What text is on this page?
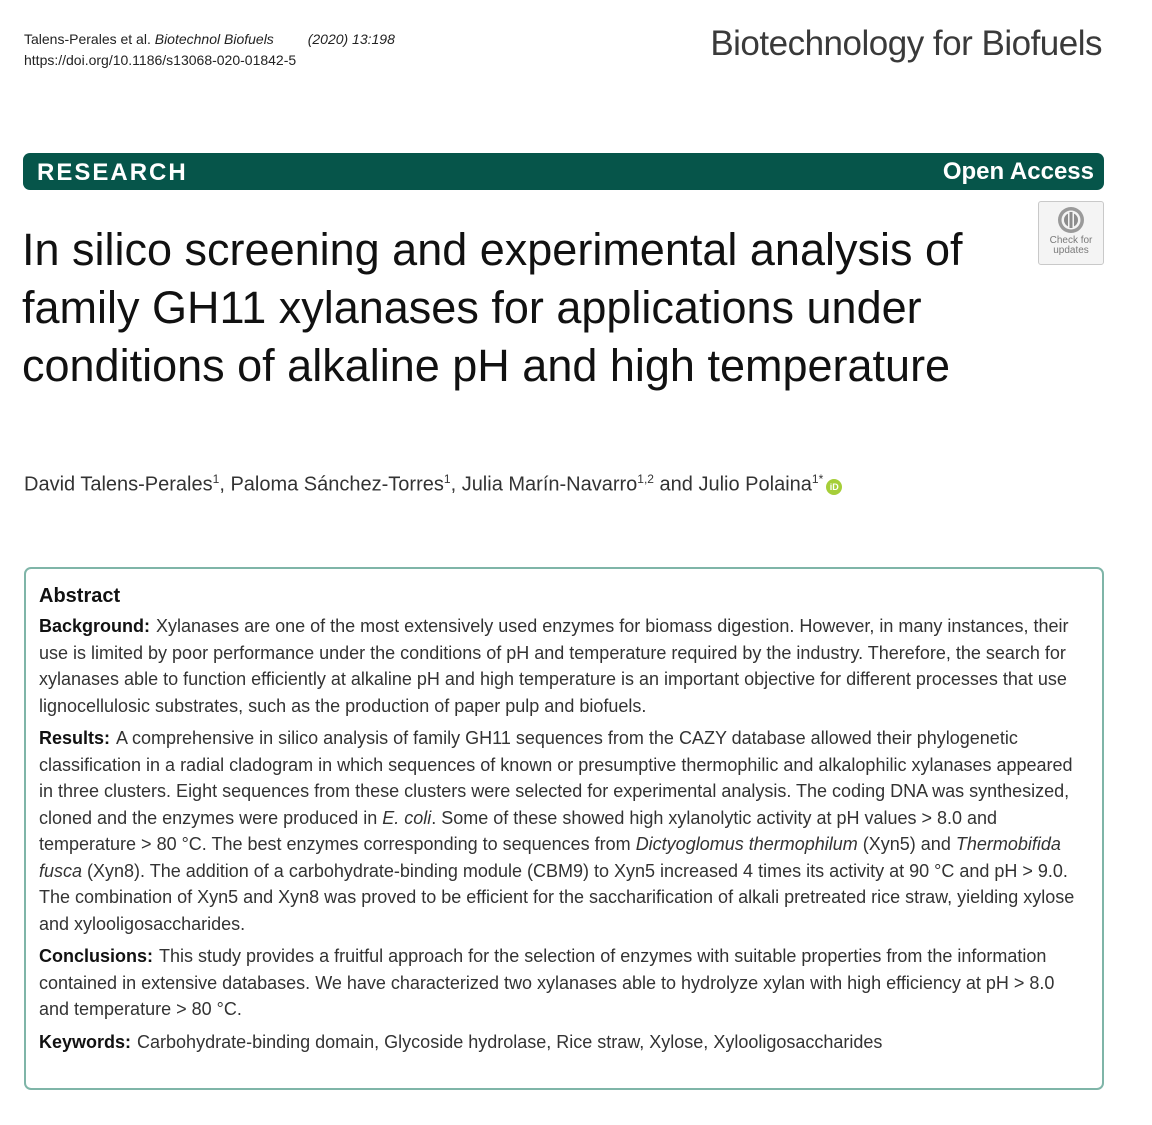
Talens-Perales et al. Biotechnol Biofuels (2020) 13:198
https://doi.org/10.1186/s13068-020-01842-5	Biotechnology for Biofuels
RESEARCH	Open Access
Check for
updates
In silico screening and experimental analysis of family GH11 xylanases for applications under conditions of alkaline pH and high temperature
David Talens-Perales$^1$, Paloma Sánchez-Torres$^1$, Julia Marín-Navarro$^{1,2}$ and Julio Polaina$^{1*}$iD
Abstract

Background: Xylanases are one of the most extensively used enzymes for biomass digestion. However, in many instances, their use is limited by poor performance under the conditions of pH and temperature required by the industry. Therefore, the search for xylanases able to function efficiently at alkaline pH and high temperature is an important objective for different processes that use lignocellulosic substrates, such as the production of paper pulp and biofuels.

Results: A comprehensive in silico analysis of family GH11 sequences from the CAZY database allowed their phylogenetic classification in a radial cladogram in which sequences of known or presumptive thermophilic and alkalophilic xylanases appeared in three clusters. Eight sequences from these clusters were selected for experimental analysis. The coding DNA was synthesized, cloned and the enzymes were produced in E. coli. Some of these showed high xylanolytic activity at pH values > 8.0 and temperature > 80 °C. The best enzymes corresponding to sequences from Dictyoglomus thermophilum (Xyn5) and Thermobifida fusca (Xyn8). The addition of a carbohydrate-binding module (CBM9) to Xyn5 increased 4 times its activity at 90 °C and pH > 9.0. The combination of Xyn5 and Xyn8 was proved to be efficient for the saccharification of alkali pretreated rice straw, yielding xylose and xylooligosaccharides.

Conclusions: This study provides a fruitful approach for the selection of enzymes with suitable properties from the information contained in extensive databases. We have characterized two xylanases able to hydrolyze xylan with high efficiency at pH > 8.0 and temperature > 80 °C.

Keywords: Carbohydrate-binding domain, Glycoside hydrolase, Rice straw, Xylose, Xylooligosaccharides
